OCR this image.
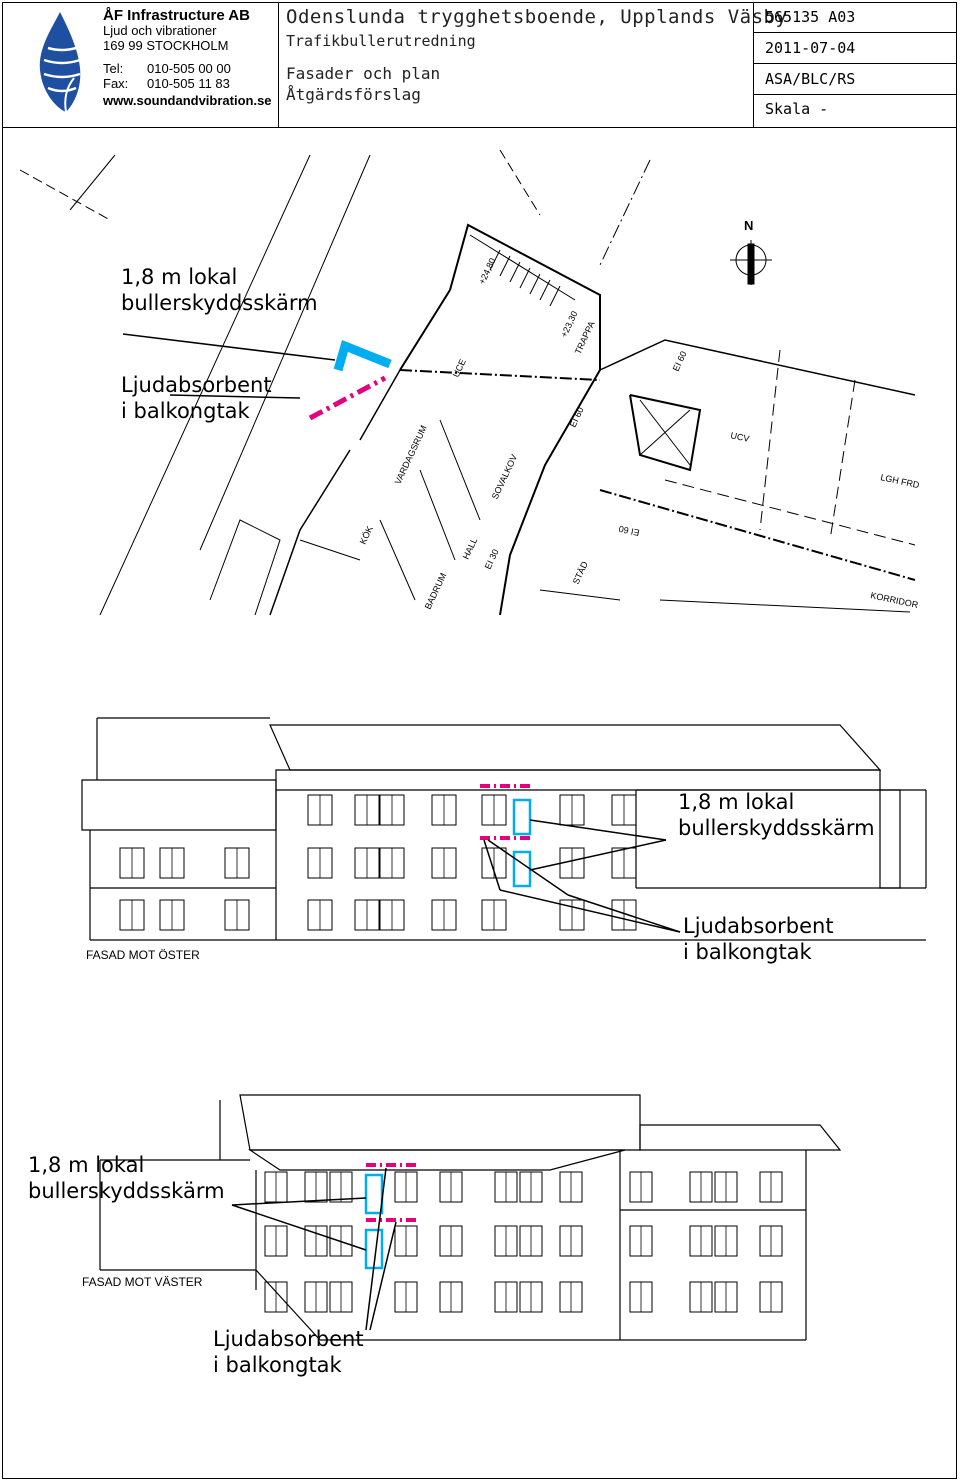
ÅF Infrastructure AB
Ljud och vibrationer
169 99 STOCKHOLM
Tel:	010-505 00 00
Fax:	010-505 11 83
www.soundandvibration.se
Odenslunda trygghetsboende, Upplands Väsby
Trafikbullerutredning
Fasader och plan
Åtgärdsförslag
565135 A03
2011-07-04
ASA/BLC/RS
Skala -
UCE
VARDAGSRUM
KÖK
SOVALKOV
HALL
BADRUM
TRAPPA
UCV
LGH FRD
STÄD
KORRIDOR
+24,80
+23,30
EI 60
EI 60
EI 60
EI 30
N
1,8 m lokal
bullerskyddsskärm
Ljudabsorbent
i balkongtak
FASAD MOT ÖSTER
1,8 m lokal
bullerskyddsskärm
Ljudabsorbent
i balkongtak
FASAD MOT VÄSTER
1,8 m lokal
bullerskyddsskärm
Ljudabsorbent
i balkongtak
